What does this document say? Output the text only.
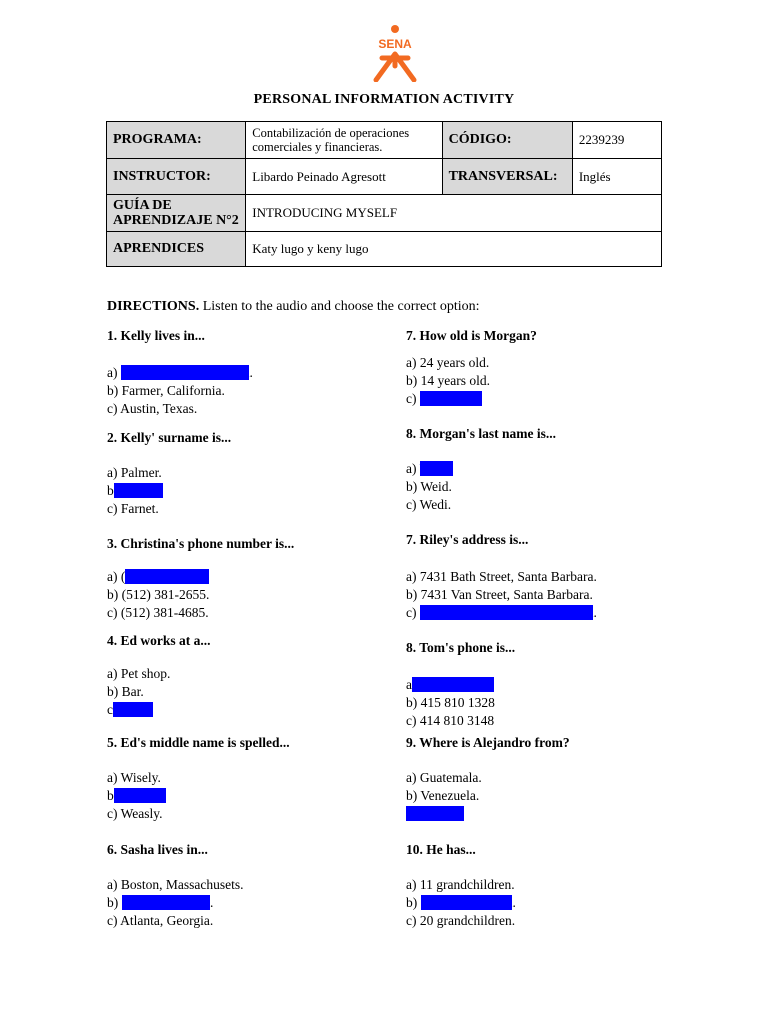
SENA
PERSONAL INFORMATION ACTIVITY
PROGRAMA:	Contabilización de operaciones comerciales y financieras.	CÓDIGO:	2239239
INSTRUCTOR:	Libardo Peinado Agresott	TRANSVERSAL:	Inglés
GUÍA DE APRENDIZAJE N°2	INTRODUCING MYSELF		
APRENDICES	Katy lugo y keny lugo		
DIRECTIONS. Listen to the audio and choose the correct option:
1. Kelly lives in...
a) Los Angeles, California.
b) Farmer, California.
c) Austin, Texas.
2. Kelly' surname is...
a) Palmer.
b) Parmer.
c) Farnet.
3. Christina's phone number is...
a) (512) 381-4685.
b) (512) 381-2655.
c) (512) 381-4685.
4. Ed works at a...
a) Pet shop.
b) Bar.
c) Bank.
5. Ed's middle name is spelled...
a) Wisely.
b) Weasey.
c) Weasly.
6. Sasha lives in...
a) Boston, Massachusets.
b) Moscow, Russia.
c) Atlanta, Georgia.
7. How old is Morgan?
a) 24 years old.
b) 14 years old.
c) 4 years old.
8. Morgan's last name is...
a) Wade.
b) Weid.
c) Wedi.
7. Riley's address is...
a) 7431 Bath Street, Santa Barbara.
b) 7431 Van Street, Santa Barbara.
c) 7421 Bath Street, Santa Barbara.
8. Tom's phone is...
a) 415 810 3128
b) 415 810 1328
c) 414 810 3148
9. Where is Alejandro from?
a) Guatemala.
b) Venezuela.
c) Mexico.
10. He has...
a) 11 grandchildren.
b) 12 grandchildren.
c) 20 grandchildren.
